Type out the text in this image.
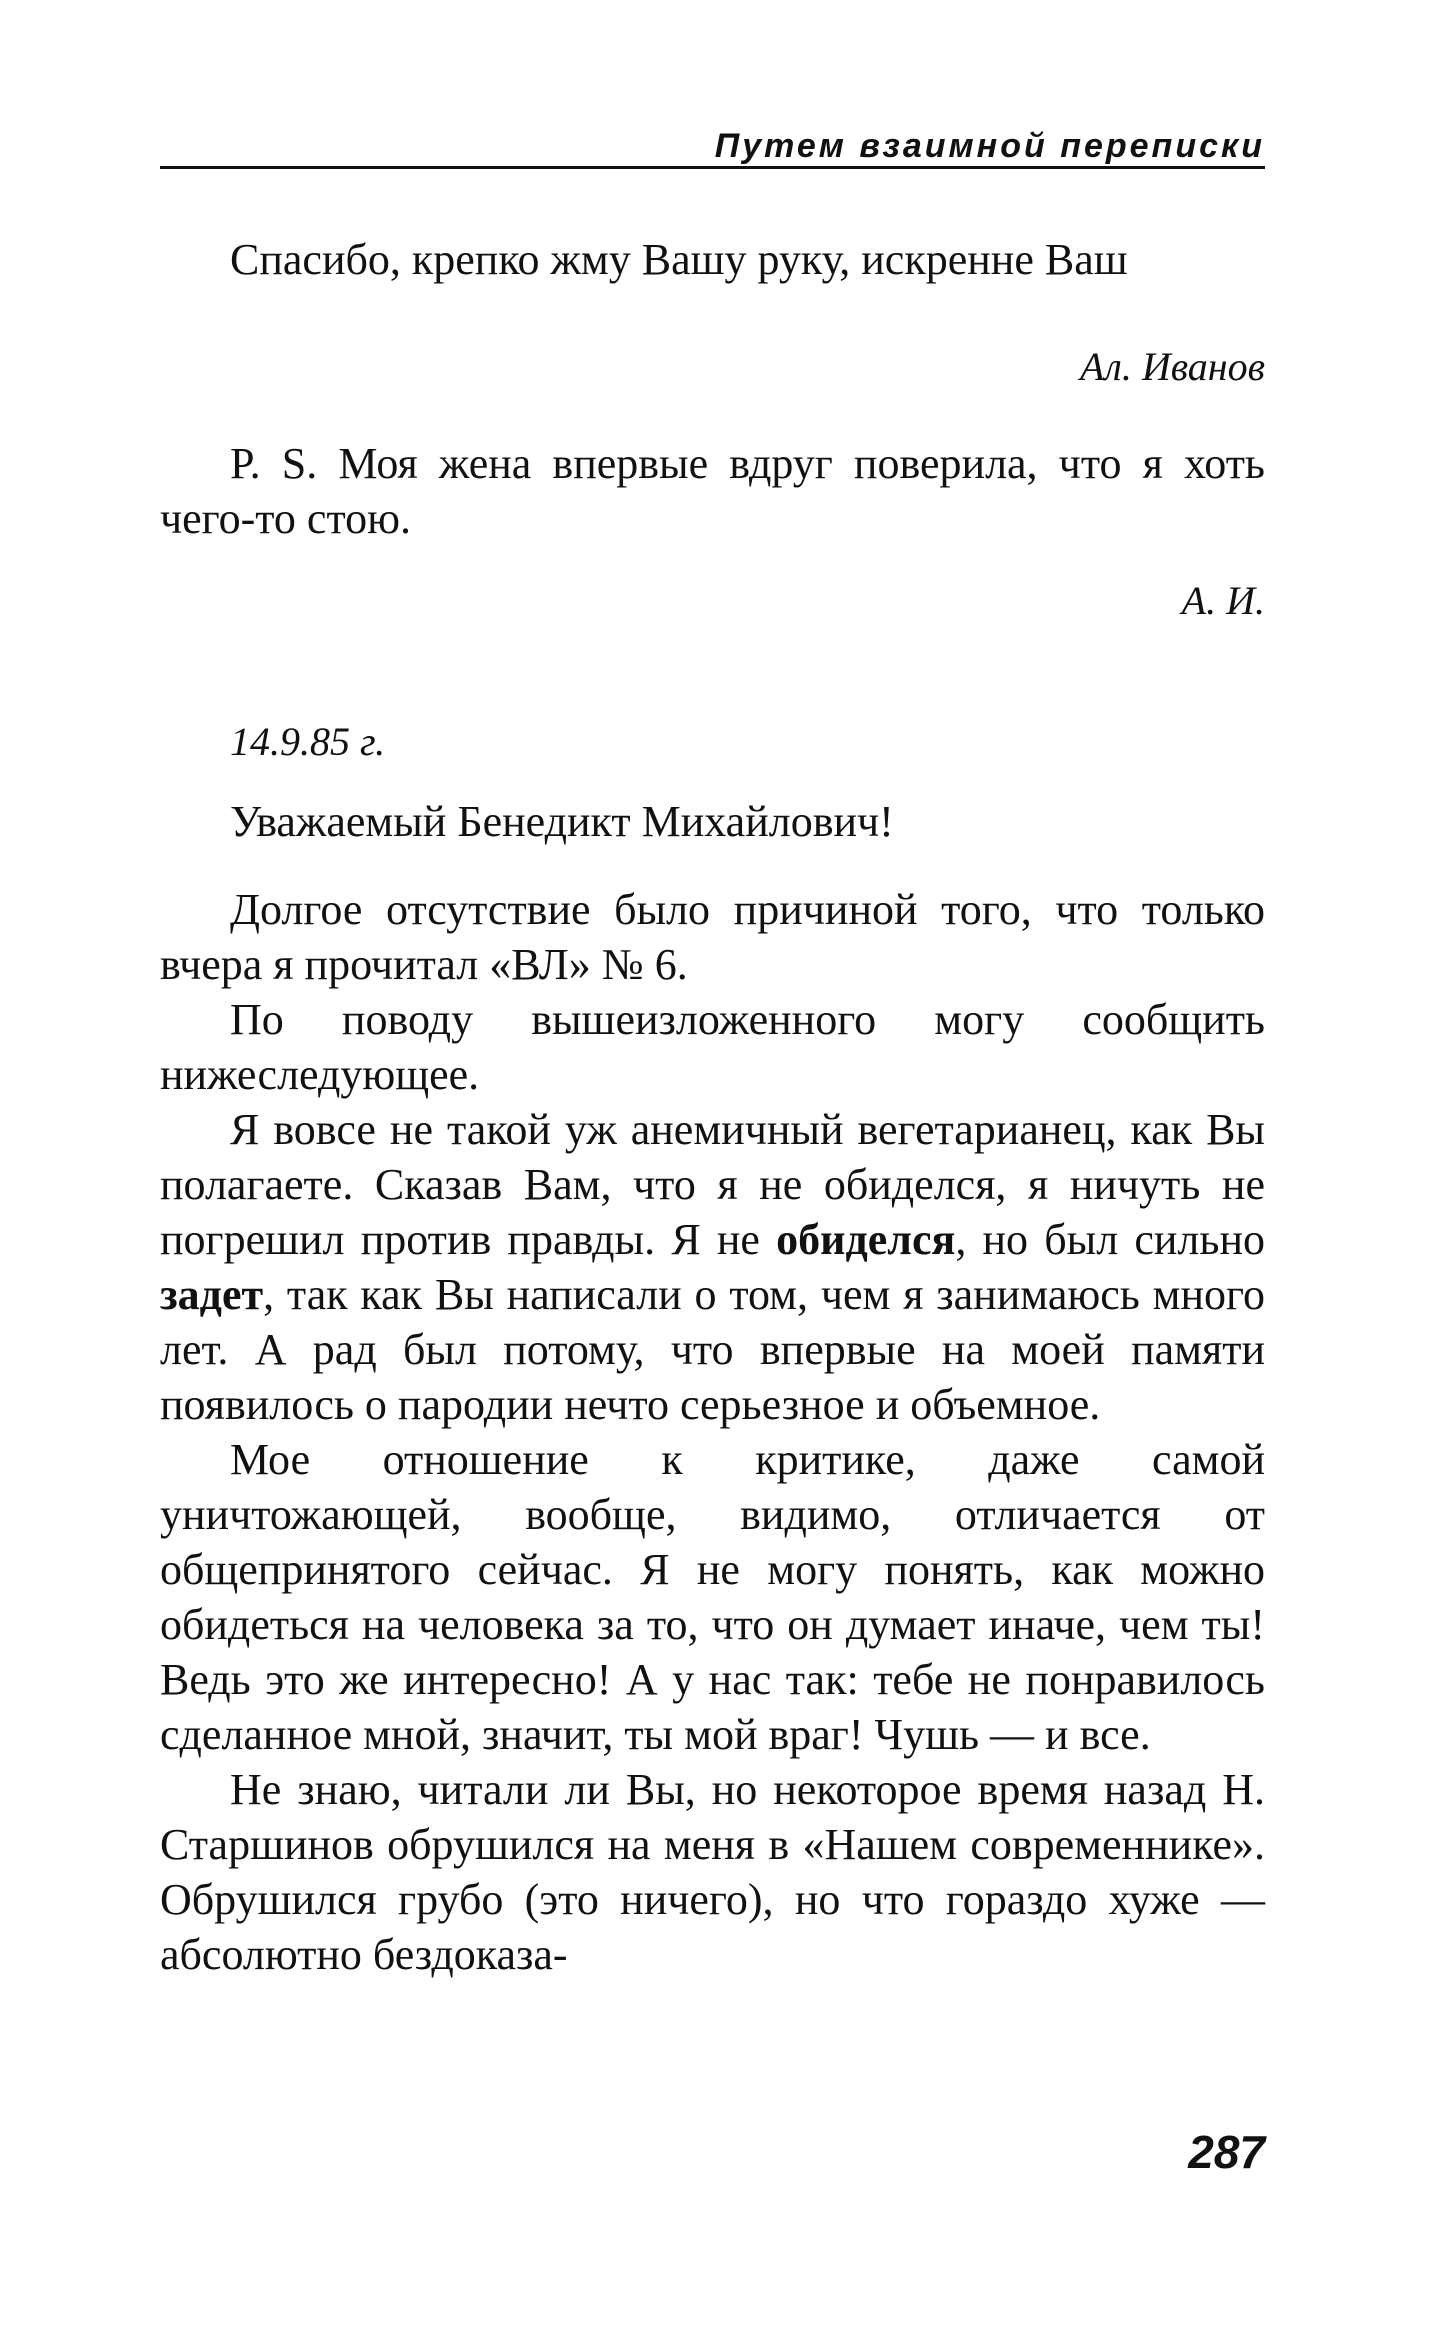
Путем взаимной переписки

Спасибо, крепко жму Вашу руку, искренне Ваш

Ал. Иванов

P. S. Моя жена впервые вдруг поверила, что я хоть чего-то стою.

А. И.
14.9.85 г.
Уважаемый Бенедикт Михайлович!

Долгое отсутствие было причиной того, что только вчера я прочитал «ВЛ» № 6.

По поводу вышеизложенного могу сообщить нижеследующее.

Я вовсе не такой уж анемичный вегетарианец, как Вы полагаете. Сказав Вам, что я не обиделся, я ничуть не погрешил против правды. Я не обиделся, но был сильно задет, так как Вы написали о том, чем я занимаюсь много лет. А рад был потому, что впервые на моей памяти появилось о пародии нечто серьезное и объемное.

Мое отношение к критике, даже самой уничтожающей, вообще, видимо, отличается от общепринятого сейчас. Я не могу понять, как можно обидеться на человека за то, что он думает иначе, чем ты! Ведь это же интересно! А у нас так: тебе не понравилось сделанное мной, значит, ты мой враг! Чушь — и все.

Не знаю, читали ли Вы, но некоторое время назад Н. Старшинов обрушился на меня в «Нашем современнике». Обрушился грубо (это ничего), но что гораздо хуже — абсолютно бездоказа-

287
